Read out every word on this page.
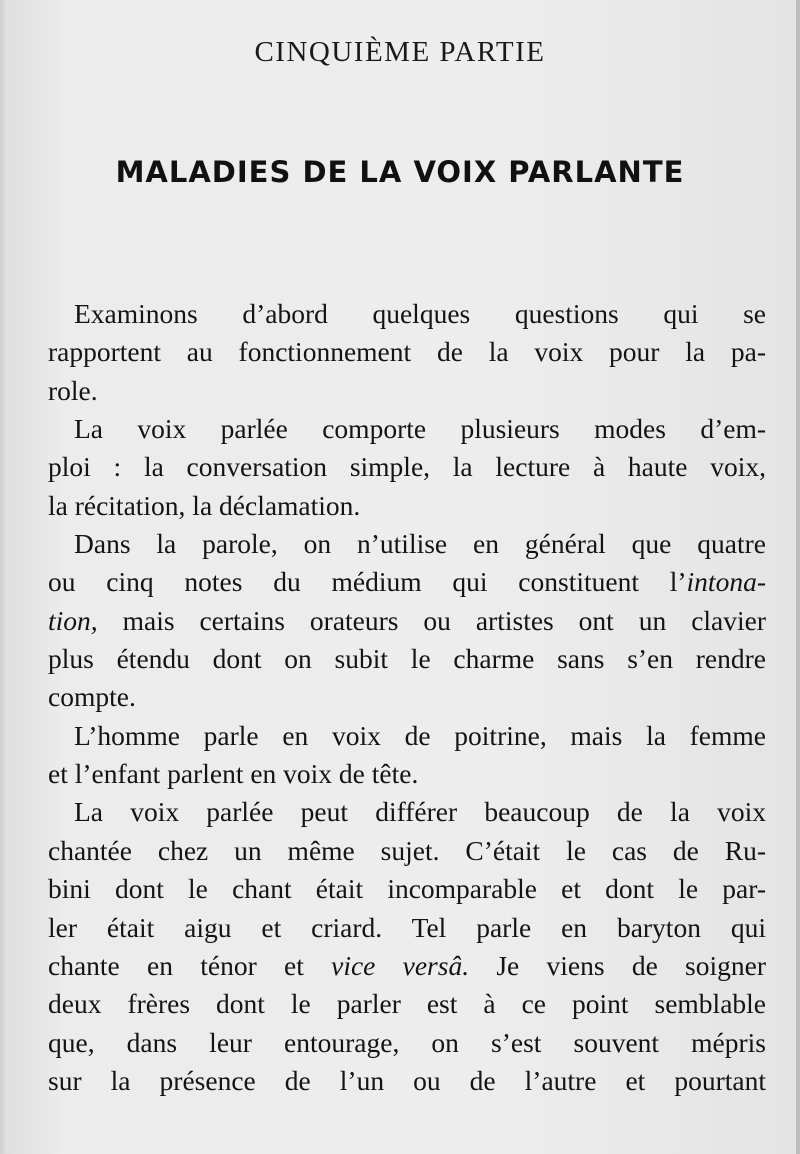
CINQUIÈME PARTIE
MALADIES DE LA VOIX PARLANTE
Examinons d’abord quelques questions qui se
rapportent au fonctionnement de la voix pour la pa-
role.
La voix parlée comporte plusieurs modes d’em-
ploi : la conversation simple, la lecture à haute voix,
la récitation, la déclamation.
Dans la parole, on n’utilise en général que quatre
ou cinq notes du médium qui constituent l’intona-
tion, mais certains orateurs ou artistes ont un clavier
plus étendu dont on subit le charme sans s’en rendre
compte.
L’homme parle en voix de poitrine, mais la femme
et l’enfant parlent en voix de tête.
La voix parlée peut différer beaucoup de la voix
chantée chez un même sujet. C’était le cas de Ru-
bini dont le chant était incomparable et dont le par-
ler était aigu et criard. Tel parle en baryton qui
chante en ténor et vice versâ. Je viens de soigner
deux frères dont le parler est à ce point semblable
que, dans leur entourage, on s’est souvent mépris
sur la présence de l’un ou de l’autre et pourtant
